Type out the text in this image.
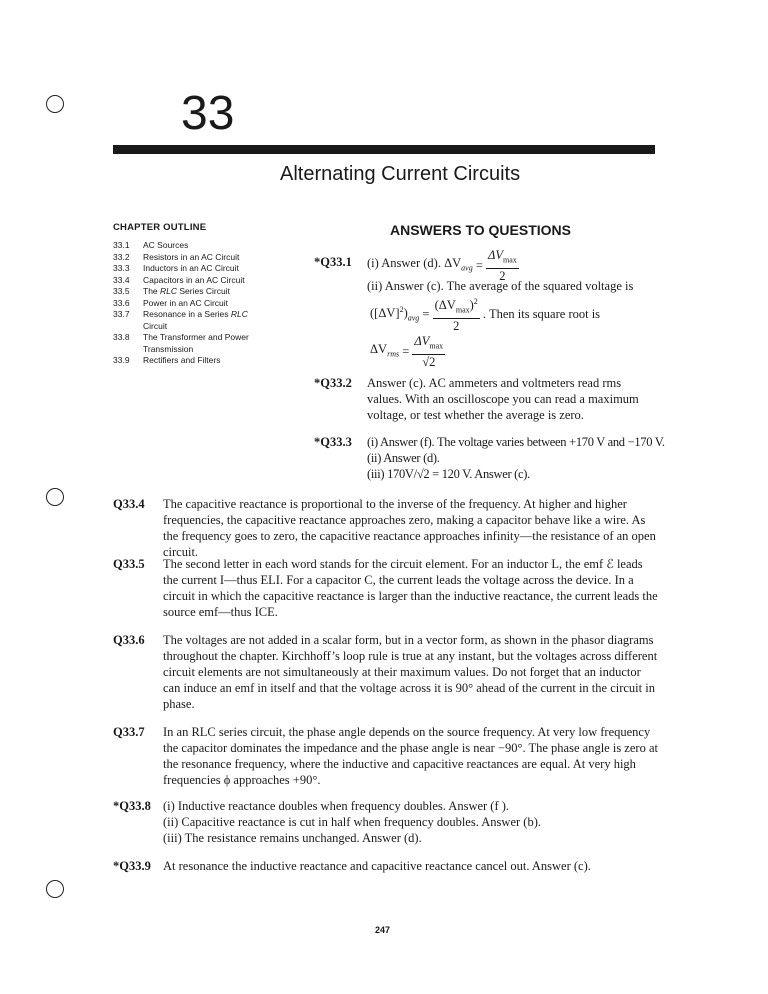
33
Alternating Current Circuits
CHAPTER OUTLINE
33.1	AC Sources
33.2	Resistors in an AC Circuit
33.3	Inductors in an AC Circuit
33.4	Capacitors in an AC Circuit
33.5	The RLC Series Circuit
33.6	Power in an AC Circuit
33.7	Resonance in a Series RLC Circuit
33.8	The Transformer and Power Transmission
33.9	Rectifiers and Filters
ANSWERS TO QUESTIONS
*Q33.1 (i) Answer (d). $\Delta V_{avg} = \frac{\Delta V_{max}}{2}$
(ii) Answer (c). The average of the squared voltage is
$([\Delta V]^2)_{avg} = \frac{(\Delta V_{max})^2}{2}$ . Then its square root is
$\Delta V_{rms} = \frac{\Delta V_{max}}{√2}$
*Q33.2 Answer (c). AC ammeters and voltmeters read rms
values. With an oscilloscope you can read a maximum
voltage, or test whether the average is zero.
*Q33.3 (i) Answer (f). The voltage varies between +170 V and −170 V.
(ii) Answer (d).
(iii) 170V/√2 = 120 V. Answer (c).
Q33.4 The capacitive reactance is proportional to the inverse of the frequency. At higher and higher frequencies, the capacitive reactance approaches zero, making a capacitor behave like a wire. As the frequency goes to zero, the capacitive reactance approaches infinity—the resistance of an open circuit.
Q33.5 The second letter in each word stands for the circuit element. For an inductor L, the emf ℰ leads the current I—thus ELI. For a capacitor C, the current leads the voltage across the device. In a circuit in which the capacitive reactance is larger than the inductive reactance, the current leads the source emf—thus ICE.
Q33.6 The voltages are not added in a scalar form, but in a vector form, as shown in the phasor diagrams throughout the chapter. Kirchhoff’s loop rule is true at any instant, but the voltages across different circuit elements are not simultaneously at their maximum values. Do not forget that an inductor can induce an emf in itself and that the voltage across it is 90° ahead of the current in the circuit in phase.
Q33.7 In an RLC series circuit, the phase angle depends on the source frequency. At very low frequency the capacitor dominates the impedance and the phase angle is near −90°. The phase angle is zero at the resonance frequency, where the inductive and capacitive reactances are equal. At very high frequencies ϕ approaches +90°.
*Q33.8 (i) Inductive reactance doubles when frequency doubles. Answer (f ).
(ii) Capacitive reactance is cut in half when frequency doubles. Answer (b).
(iii) The resistance remains unchanged. Answer (d).
*Q33.9 At resonance the inductive reactance and capacitive reactance cancel out. Answer (c).
247
